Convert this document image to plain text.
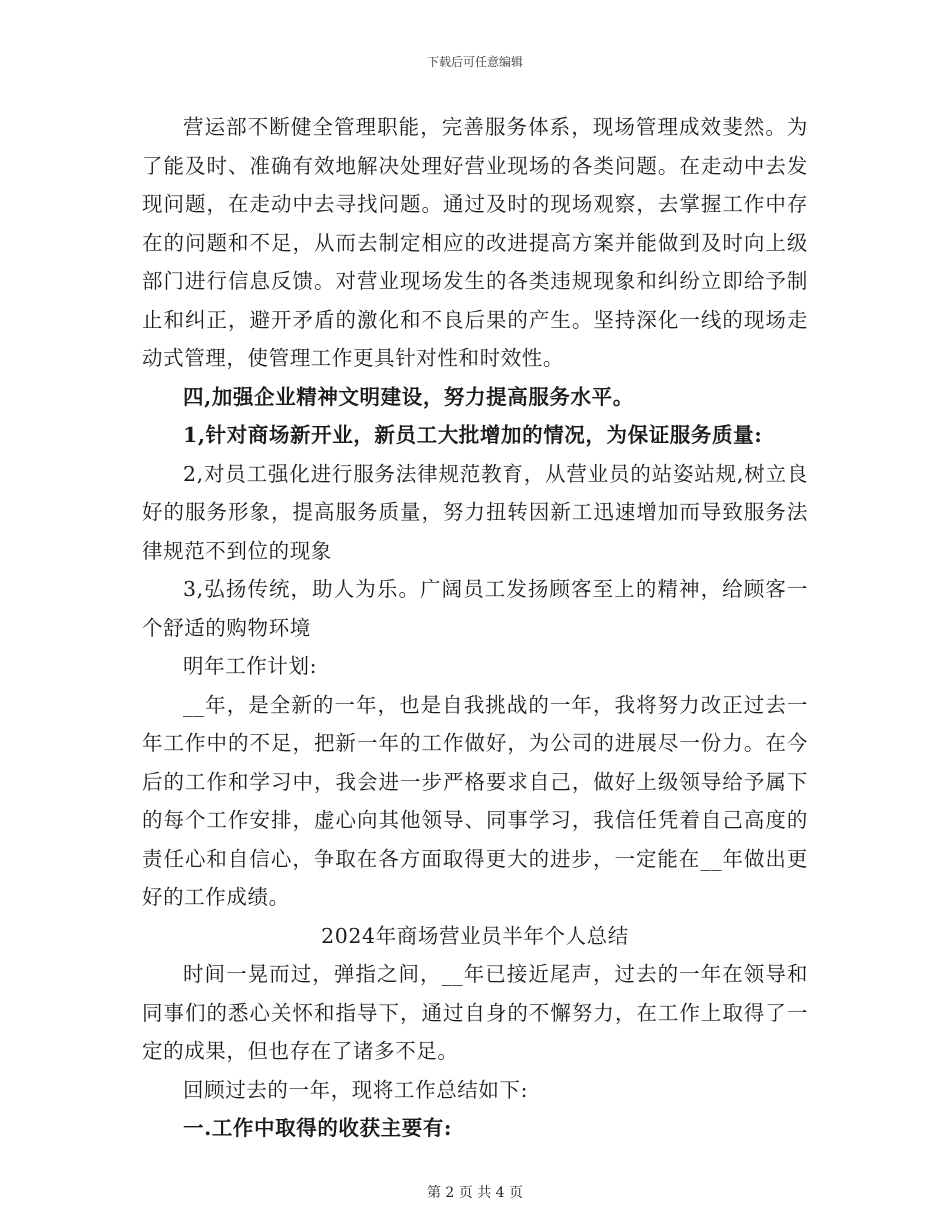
下载后可任意编辑

营运部不断健全管理职能，完善服务体系，现场管理成效斐然。为了能及时、准确有效地解决处理好营业现场的各类问题。在走动中去发现问题，在走动中去寻找问题。通过及时的现场观察，去掌握工作中存在的问题和不足，从而去制定相应的改进提高方案并能做到及时向上级部门进行信息反馈。对营业现场发生的各类违规现象和纠纷立即给予制止和纠正，避开矛盾的激化和不良后果的产生。坚持深化一线的现场走动式管理，使管理工作更具针对性和时效性。

四,加强企业精神文明建设，努力提高服务水平。

1,针对商场新开业，新员工大批增加的情况，为保证服务质量:

2,对员工强化进行服务法律规范教育，从营业员的站姿站规,树立良好的服务形象，提高服务质量，努力扭转因新工迅速增加而导致服务法律规范不到位的现象

3,弘扬传统，助人为乐。广阔员工发扬顾客至上的精神，给顾客一个舒适的购物环境

明年工作计划:

__年，是全新的一年，也是自我挑战的一年，我将努力改正过去一年工作中的不足，把新一年的工作做好，为公司的进展尽一份力。在今后的工作和学习中，我会进一步严格要求自己，做好上级领导给予属下的每个工作安排，虚心向其他领导、同事学习，我信任凭着自己高度的责任心和自信心，争取在各方面取得更大的进步，一定能在__年做出更好的工作成绩。

2024年商场营业员半年个人总结

时间一晃而过，弹指之间，__年已接近尾声，过去的一年在领导和同事们的悉心关怀和指导下，通过自身的不懈努力，在工作上取得了一定的成果，但也存在了诸多不足。

回顾过去的一年，现将工作总结如下:

一.工作中取得的收获主要有:

第 2 页 共 4 页
